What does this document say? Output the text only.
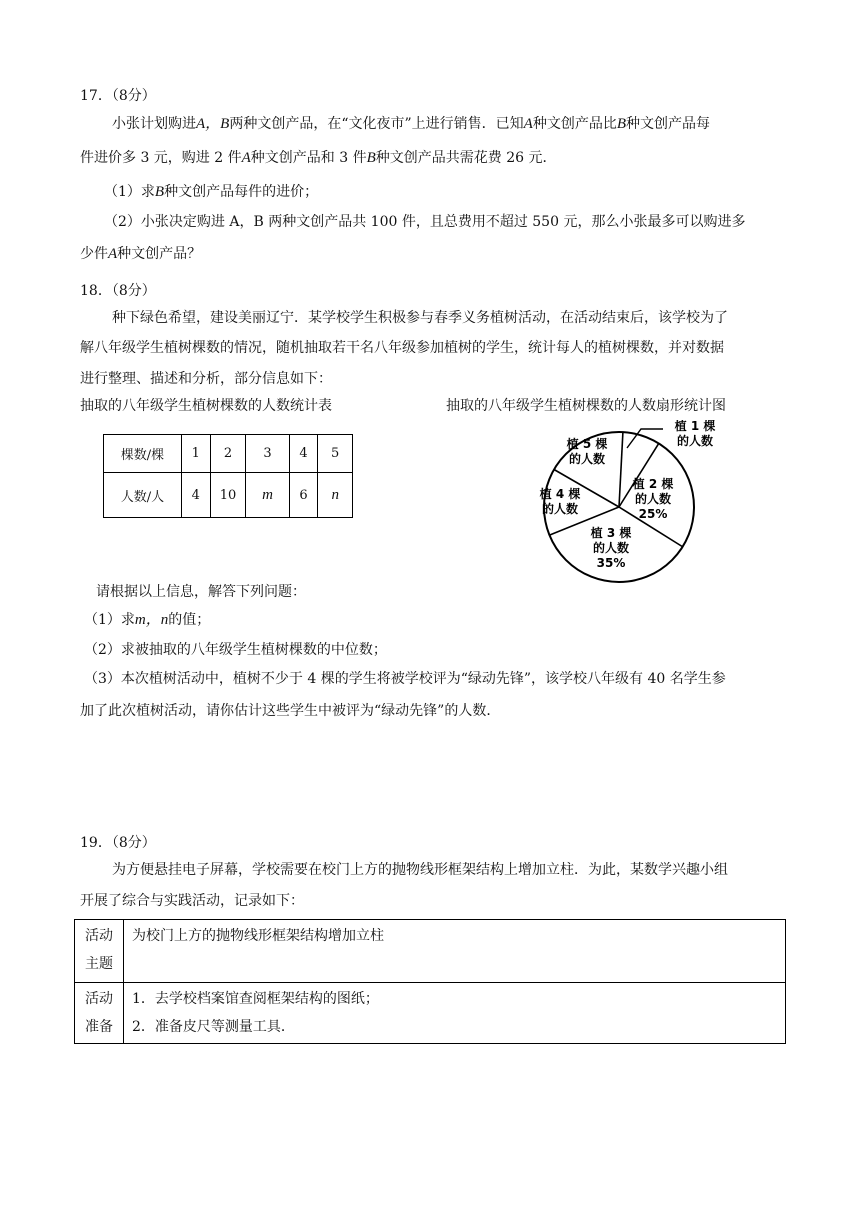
17．（8分）
小张计划购进A，B两种文创产品，在“文化夜市”上进行销售．已知A种文创产品比B种文创产品每
件进价多 3 元，购进 2 件A种文创产品和 3 件B种文创产品共需花费 26 元．
（1）求B种文创产品每件的进价；
（2）小张决定购进 A，B 两种文创产品共 100 件，且总费用不超过 550 元，那么小张最多可以购进多
少件A种文创产品？
18．（8分）
种下绿色希望，建设美丽辽宁．某学校学生积极参与春季义务植树活动，在活动结束后，该学校为了
解八年级学生植树棵数的情况，随机抽取若干名八年级参加植树的学生，统计每人的植树棵数，并对数据
进行整理、描述和分析，部分信息如下：
抽取的八年级学生植树棵数的人数统计表	抽取的八年级学生植树棵数的人数扇形统计图
棵数/棵	1	2	3	4	5
人数/人	4	10	m	6	n
植 1 棵
的人数
植 2 棵
的人数
25%
植 3 棵
的人数
35%
植 4 棵
的人数
植 5 棵
的人数
请根据以上信息，解答下列问题：
（1）求m，n的值；
（2）求被抽取的八年级学生植树棵数的中位数；
（3）本次植树活动中，植树不少于 4 棵的学生将被学校评为“绿动先锋”，该学校八年级有 40 名学生参
加了此次植树活动，请你估计这些学生中被评为“绿动先锋”的人数．
19．（8分）
为方便悬挂电子屏幕，学校需要在校门上方的抛物线形框架结构上增加立柱．为此，某数学兴趣小组
开展了综合与实践活动，记录如下：
活动
主题	为校门上方的抛物线形框架结构增加立柱
活动
准备	1．去学校档案馆查阅框架结构的图纸；
2．准备皮尺等测量工具．
